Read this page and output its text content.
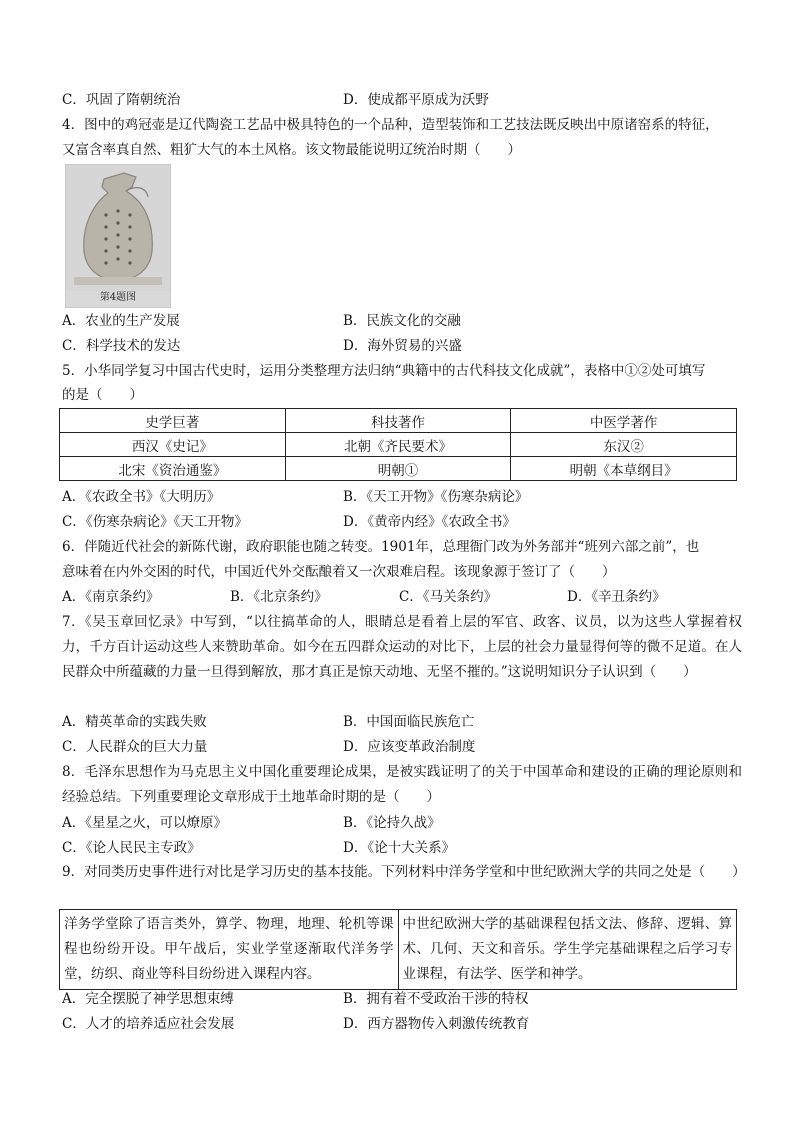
C．巩固了隋朝统治	D．使成都平原成为沃野
4．图中的鸡冠壶是辽代陶瓷工艺品中极具特色的一个品种，造型装饰和工艺技法既反映出中原诸窑系的特征，
又富含率真自然、粗犷大气的本土风格。该文物最能说明辽统治时期（　　）
第4题图
A．农业的生产发展	B．民族文化的交融
C．科学技术的发达	D．海外贸易的兴盛
5．小华同学复习中国古代史时，运用分类整理方法归纳“典籍中的古代科技文化成就”，表格中①②处可填写
的是（　　）
史学巨著	科技著作	中医学著作
西汉《史记》	北朝《齐民要术》	东汉②
北宋《资治通鉴》	明朝①	明朝《本草纲目》
A．《农政全书》《大明历》	B．《天工开物》《伤寒杂病论》
C．《伤寒杂病论》《天工开物》	D．《黄帝内经》《农政全书》
6．伴随近代社会的新陈代谢，政府职能也随之转变。1901年，总理衙门改为外务部并“班列六部之前”，也
意味着在内外交困的时代，中国近代外交酝酿着又一次艰难启程。该现象源于签订了（　　）
A．《南京条约》	B．《北京条约》	C．《马关条约》	D．《辛丑条约》
7．《吴玉章回忆录》中写到，“以往搞革命的人，眼睛总是看着上层的军官、政客、议员，以为这些人掌握着权力，千方百计运动这些人来赞助革命。如今在五四群众运动的对比下，上层的社会力量显得何等的微不足道。在人民群众中所蕴藏的力量一旦得到解放，那才真正是惊天动地、无坚不摧的。”这说明知识分子认识到（　　）
A．精英革命的实践失败	B．中国面临民族危亡
C．人民群众的巨大力量	D．应该变革政治制度
8．毛泽东思想作为马克思主义中国化重要理论成果，是被实践证明了的关于中国革命和建设的正确的理论原则和经验总结。下列重要理论文章形成于土地革命时期的是（　　）
A．《星星之火，可以燎原》	B．《论持久战》
C．《论人民民主专政》	D．《论十大关系》
9．对同类历史事件进行对比是学习历史的基本技能。下列材料中洋务学堂和中世纪欧洲大学的共同之处是（　　）
洋务学堂除了语言类外，算学、物理，地理、轮机等课程也纷纷开设。甲午战后，实业学堂逐渐取代洋务学堂，纺织、商业等科目纷纷进入课程内容。	中世纪欧洲大学的基础课程包括文法、修辞、逻辑、算术、几何、天文和音乐。学生学完基础课程之后学习专业课程，有法学、医学和神学。
A．完全摆脱了神学思想束缚	B．拥有着不受政治干涉的特权
C．人才的培养适应社会发展	D．西方器物传入刺激传统教育
